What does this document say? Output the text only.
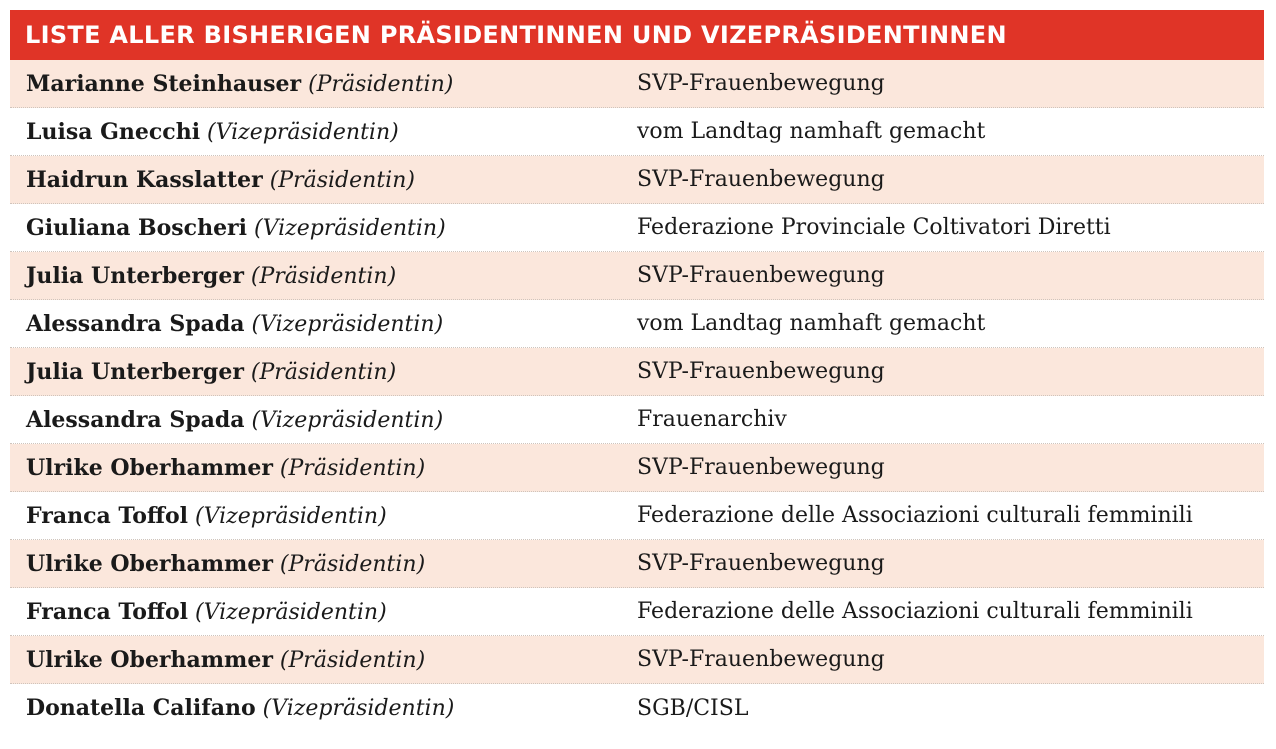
LISTE ALLER BISHERIGEN PRÄSIDENTINNEN UND VIZEPRÄSIDENTINNEN
Marianne Steinhauser (Präsidentin)	SVP-Frauenbewegung
Luisa Gnecchi (Vizepräsidentin)	vom Landtag namhaft gemacht
Haidrun Kasslatter (Präsidentin)	SVP-Frauenbewegung
Giuliana Boscheri (Vizepräsidentin)	Federazione Provinciale Coltivatori Diretti
Julia Unterberger (Präsidentin)	SVP-Frauenbewegung
Alessandra Spada (Vizepräsidentin)	vom Landtag namhaft gemacht
Julia Unterberger (Präsidentin)	SVP-Frauenbewegung
Alessandra Spada (Vizepräsidentin)	Frauenarchiv
Ulrike Oberhammer (Präsidentin)	SVP-Frauenbewegung
Franca Toffol (Vizepräsidentin)	Federazione delle Associazioni culturali femminili
Ulrike Oberhammer (Präsidentin)	SVP-Frauenbewegung
Franca Toffol (Vizepräsidentin)	Federazione delle Associazioni culturali femminili
Ulrike Oberhammer (Präsidentin)	SVP-Frauenbewegung
Donatella Califano (Vizepräsidentin)	SGB/CISL
